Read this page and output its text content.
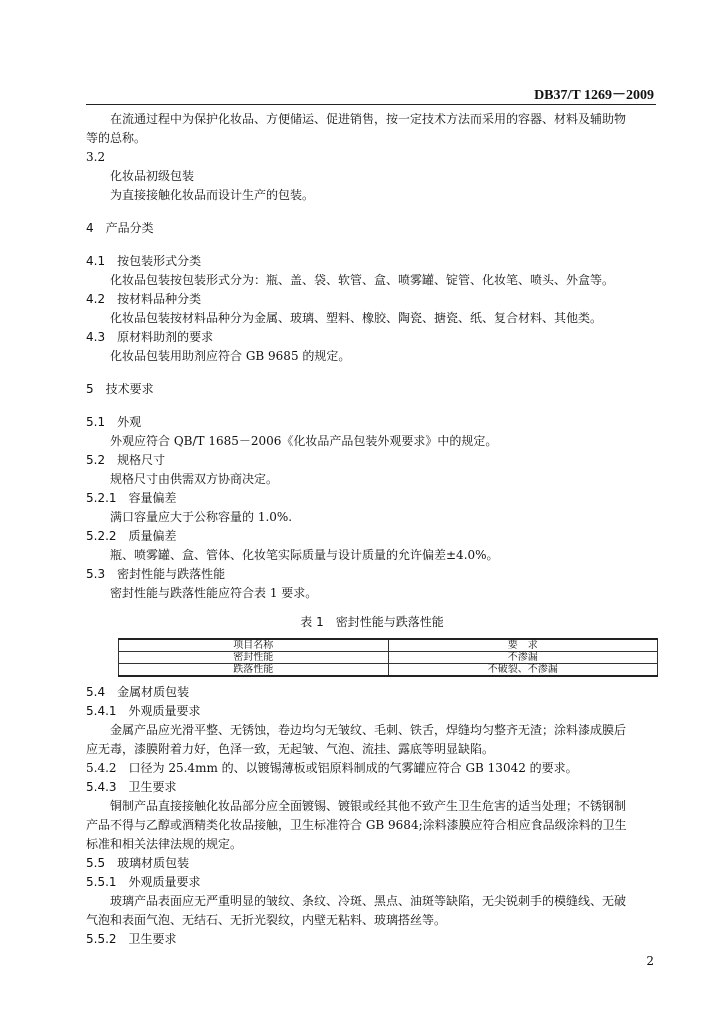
DB37/T 1269－2009

在流通过程中为保护化妆品、方便储运、促进销售，按一定技术方法而采用的容器、材料及辅助物

等的总称。

3.2

化妆品初级包装

为直接接触化妆品而设计生产的包装。

4　产品分类

4.1　按包装形式分类

化妆品包装按包装形式分为：瓶、盖、袋、软管、盒、喷雾罐、锭管、化妆笔、喷头、外盒等。

4.2　按材料品种分类

化妆品包装按材料品种分为金属、玻璃、塑料、橡胶、陶瓷、搪瓷、纸、复合材料、其他类。

4.3　原材料助剂的要求

化妆品包装用助剂应符合 GB 9685 的规定。

5　技术要求

5.1　外观

外观应符合 QB/T 1685－2006《化妆品产品包装外观要求》中的规定。

5.2　规格尺寸

规格尺寸由供需双方协商决定。

5.2.1　容量偏差

满口容量应大于公称容量的 1.0%.

5.2.2　质量偏差

瓶、喷雾罐、盒、管体、化妆笔实际质量与设计质量的允许偏差±4.0%。

5.3　密封性能与跌落性能

密封性能与跌落性能应符合表 1 要求。

表 1　密封性能与跌落性能
项目名称	要　求
密封性能	不渗漏
跌落性能	不破裂、不渗漏

5.4　金属材质包装

5.4.1　外观质量要求

金属产品应光滑平整、无锈蚀，卷边均匀无皱纹、毛刺、铁舌，焊缝均匀整齐无渣；涂料漆成膜后

应无毒，漆膜附着力好，色泽一致，无起皱、气泡、流挂、露底等明显缺陷。

5.4.2　口径为 25.4mm 的、以镀锡薄板或铝原料制成的气雾罐应符合 GB 13042 的要求。

5.4.3　卫生要求

铜制产品直接接触化妆品部分应全面镀锡、镀银或经其他不致产生卫生危害的适当处理；不锈钢制

产品不得与乙醇或酒精类化妆品接触，卫生标准符合 GB 9684;涂料漆膜应符合相应食品级涂料的卫生

标准和相关法律法规的规定。

5.5　玻璃材质包装

5.5.1　外观质量要求

玻璃产品表面应无严重明显的皱纹、条纹、冷斑、黑点、油斑等缺陷，无尖锐刺手的模缝线、无破

气泡和表面气泡、无结石、无折光裂纹，内壁无粘料、玻璃搭丝等。

5.5.2　卫生要求

2
